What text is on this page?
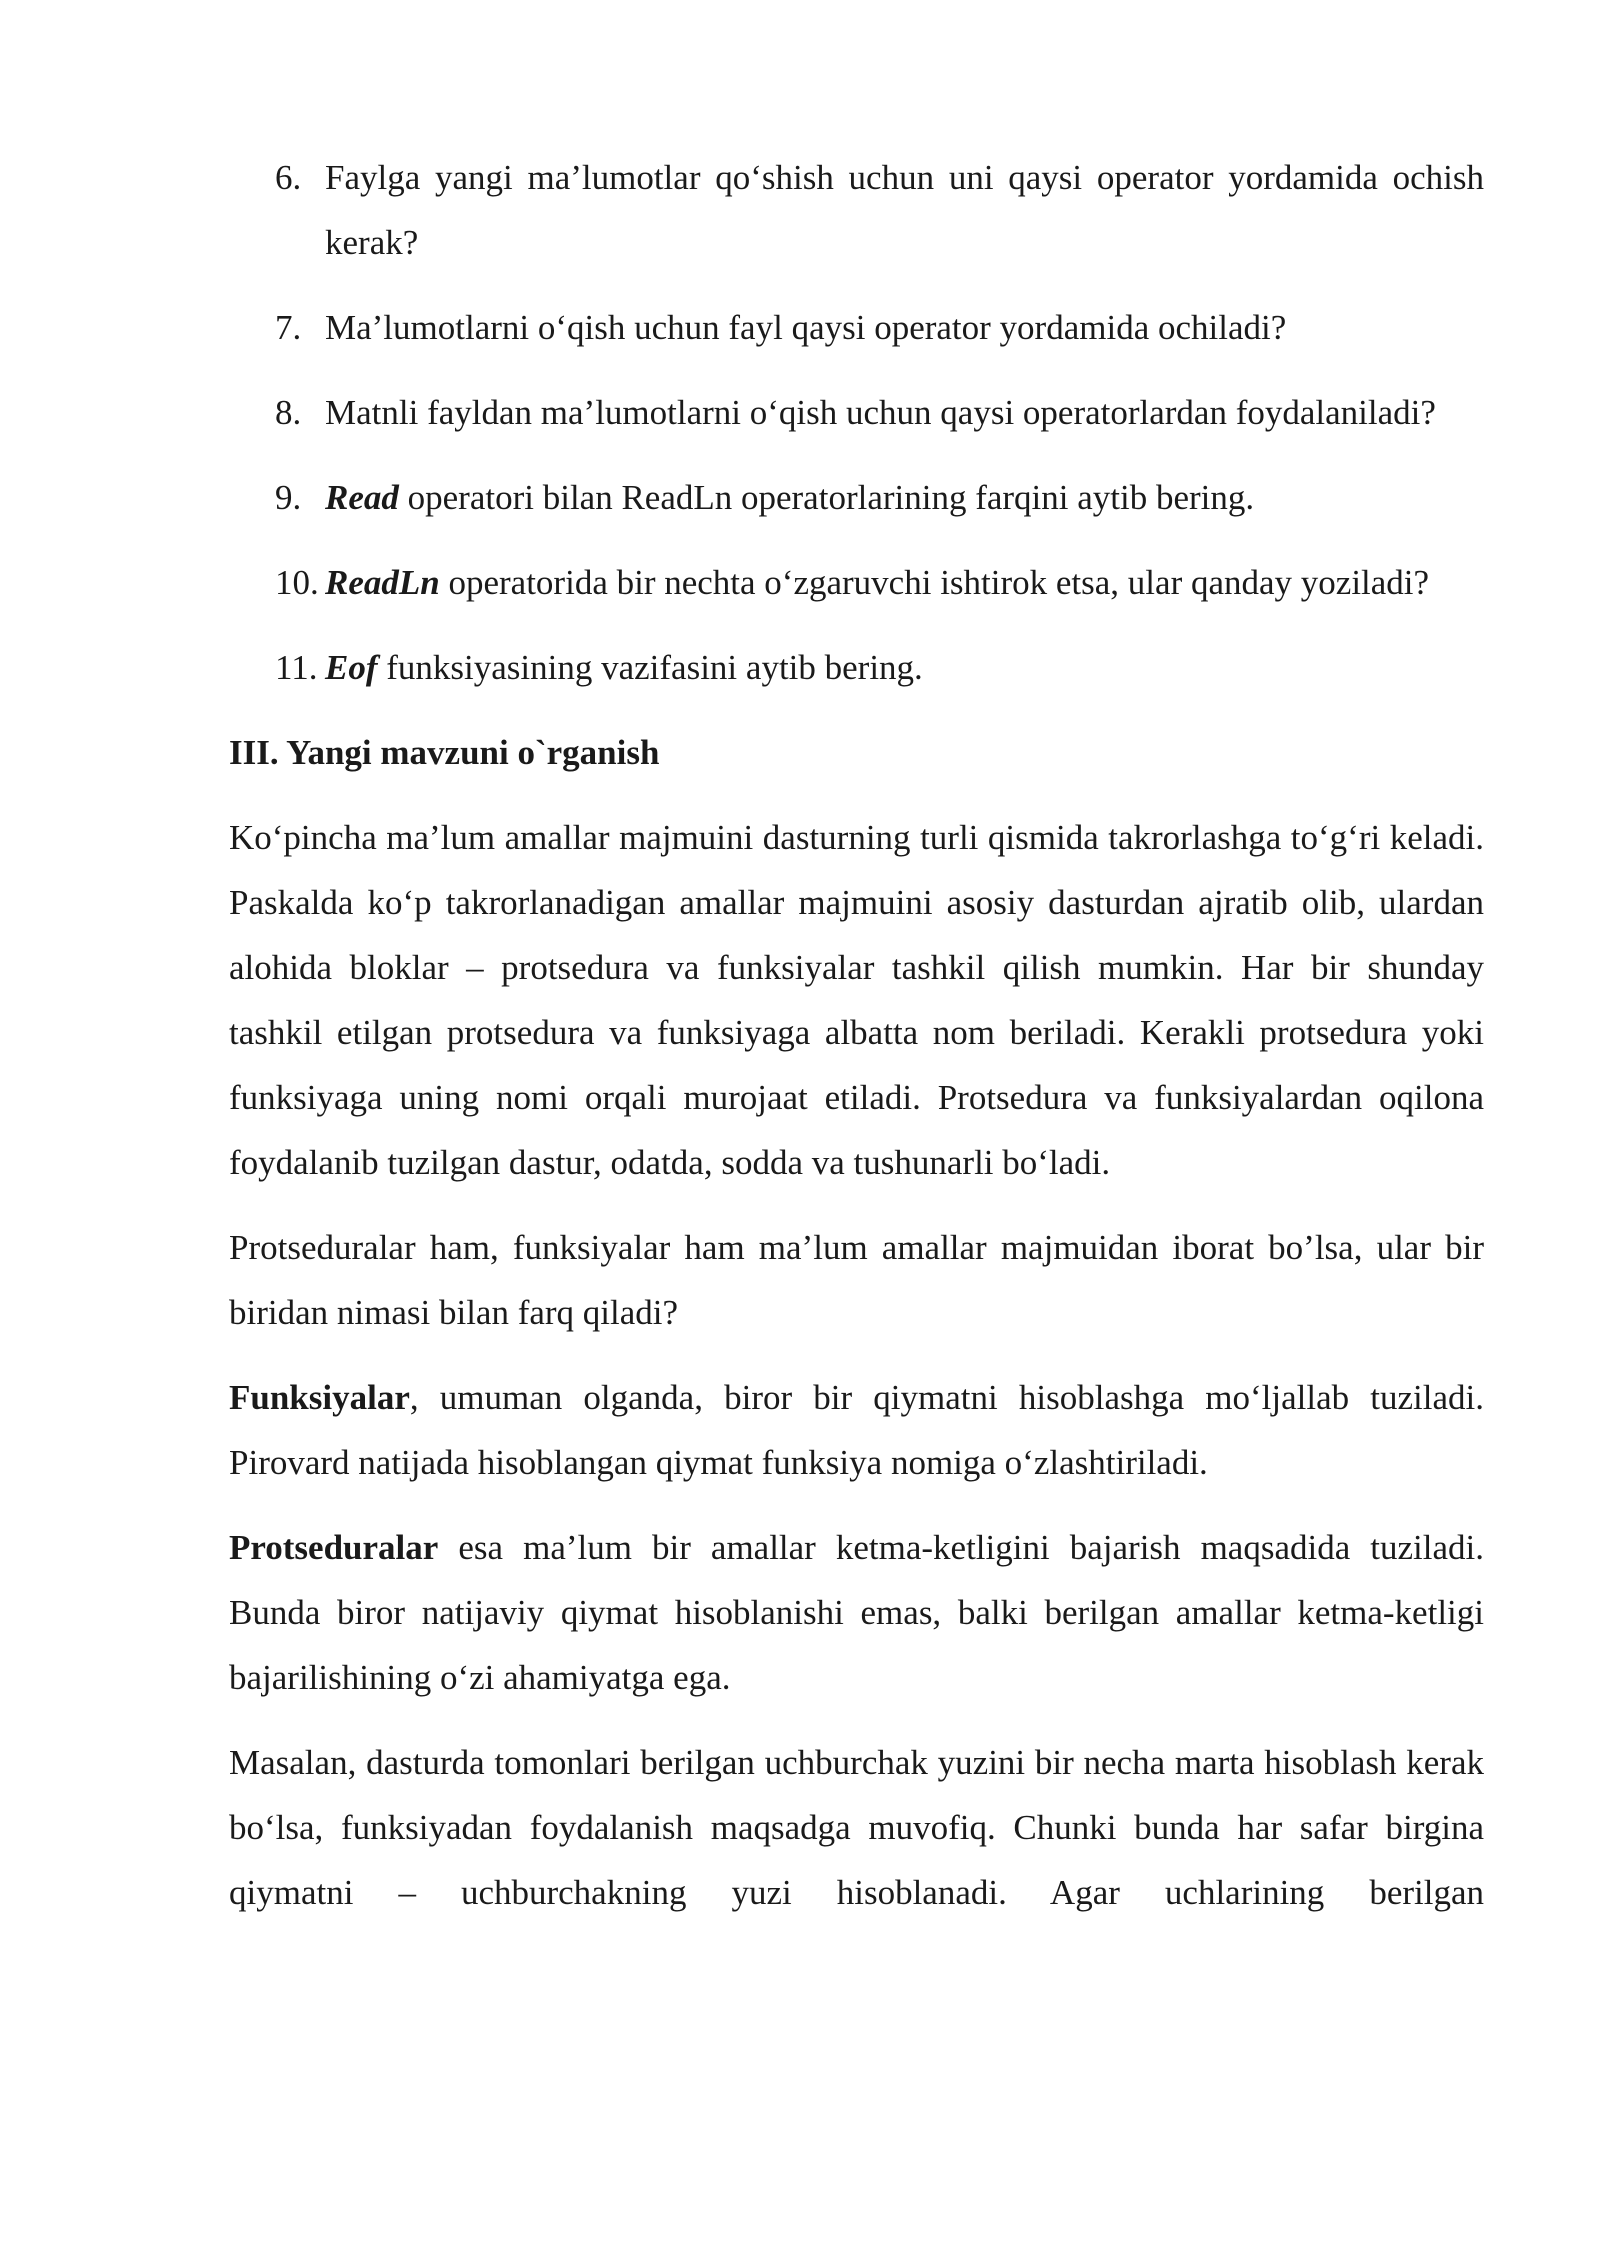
6. Faylga yangi ma’lumotlar qo‘shish uchun uni qaysi operator yordamida ochish kerak?
7. Ma’lumotlarni o‘qish uchun fayl qaysi operator yordamida ochiladi?
8. Matnli fayldan ma’lumotlarni o‘qish uchun qaysi operatorlardan foydalaniladi?
9. Read operatori bilan ReadLn operatorlarining farqini aytib bering.
10. ReadLn operatorida bir nechta o‘zgaruvchi ishtirok etsa, ular qanday yoziladi?
11. Eof funksiyasining vazifasini aytib bering.
III. Yangi mavzuni o`rganish

Ko‘pincha ma’lum amallar majmuini dasturning turli qismida takrorlashga to‘g‘ri keladi. Paskalda ko‘p takrorlanadigan amallar majmuini asosiy dasturdan ajratib olib, ulardan alohida bloklar – protsedura va funksiyalar tashkil qilish mumkin. Har bir shunday tashkil etilgan protsedura va funksiyaga albatta nom beriladi. Kerakli protsedura yoki funksiyaga uning nomi orqali murojaat etiladi. Protsedura va funksiyalardan oqilona foydalanib tuzilgan dastur, odatda, sodda va tushunarli bo‘ladi.

Protseduralar ham, funksiyalar ham ma’lum amallar majmuidan iborat bo’lsa, ular bir biridan nimasi bilan farq qiladi?

Funksiyalar, umuman olganda, biror bir qiymatni hisoblashga mo‘ljallab tuziladi. Pirovard natijada hisoblangan qiymat funksiya nomiga o‘zlashtiriladi.

Protseduralar esa ma’lum bir amallar ketma-ketligini bajarish maqsadida tuziladi. Bunda biror natijaviy qiymat hisoblanishi emas, balki berilgan amallar ketma-ketligi bajarilishining o‘zi ahamiyatga ega.

Masalan, dasturda tomonlari berilgan uchburchak yuzini bir necha marta hisoblash kerak bo‘lsa, funksiyadan foydalanish maqsadga muvofiq. Chunki bunda har safar birgina qiymatni – uchburchakning yuzi hisoblanadi. Agar uchlarining berilgan
